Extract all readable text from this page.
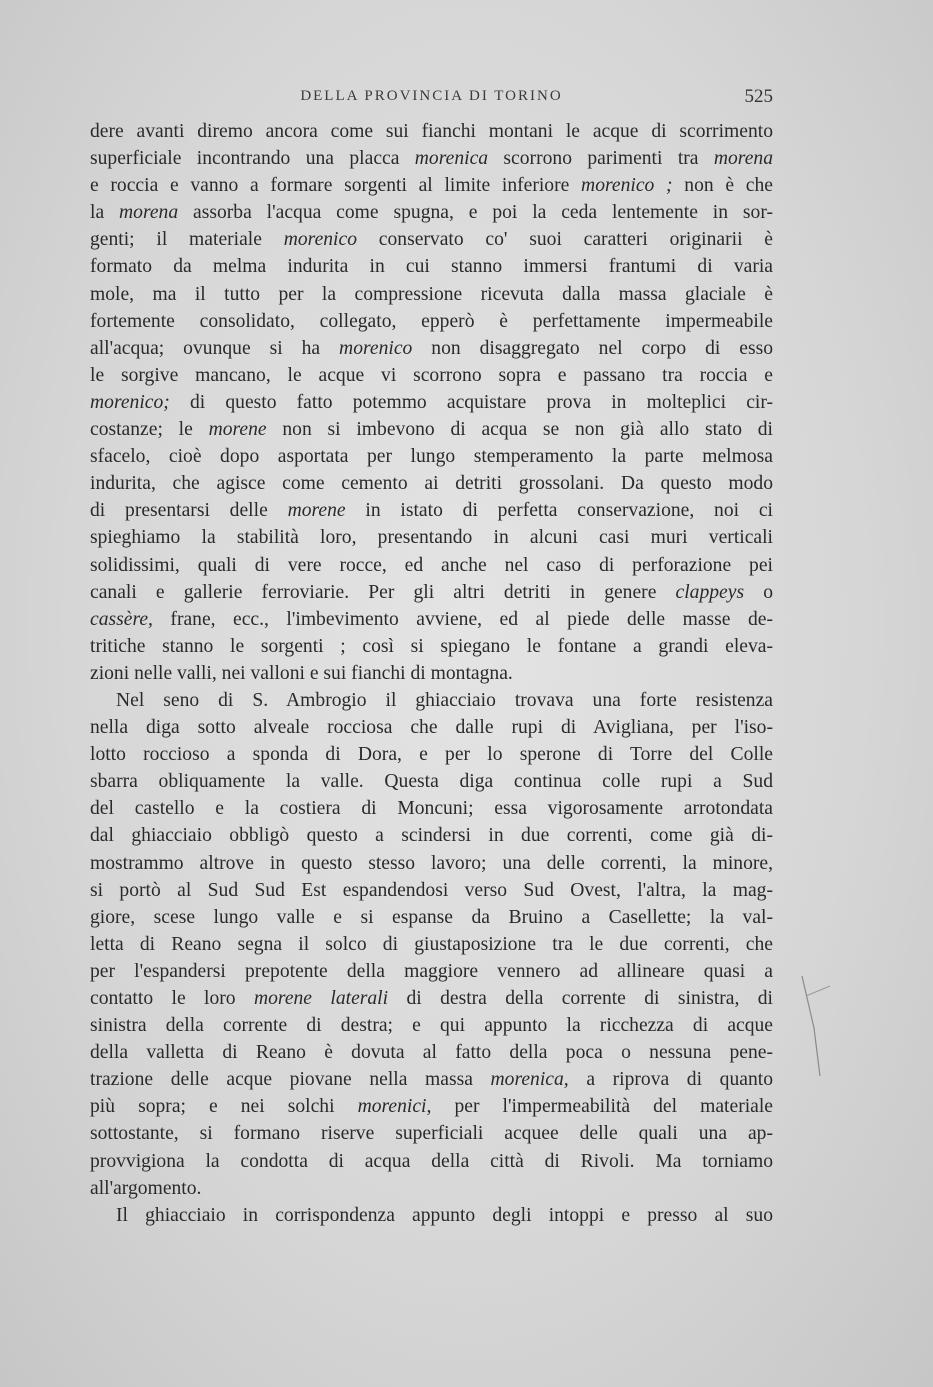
DELLA PROVINCIA DI TORINO	525
dere avanti diremo ancora come sui fianchi montani le acque di scorrimento
superficiale incontrando una placca morenica scorrono parimenti tra morena
e roccia e vanno a formare sorgenti al limite inferiore morenico ; non è che
la morena assorba l'acqua come spugna, e poi la ceda lentemente in sor-
genti; il materiale morenico conservato co' suoi caratteri originarii è
formato da melma indurita in cui stanno immersi frantumi di varia
mole, ma il tutto per la compressione ricevuta dalla massa glaciale è
fortemente consolidato, collegato, epperò è perfettamente impermeabile
all'acqua; ovunque si ha morenico non disaggregato nel corpo di esso
le sorgive mancano, le acque vi scorrono sopra e passano tra roccia e
morenico; di questo fatto potemmo acquistare prova in molteplici cir-
costanze; le morene non si imbevono di acqua se non già allo stato di
sfacelo, cioè dopo asportata per lungo stemperamento la parte melmosa
indurita, che agisce come cemento ai detriti grossolani. Da questo modo
di presentarsi delle morene in istato di perfetta conservazione, noi ci
spieghiamo la stabilità loro, presentando in alcuni casi muri verticali
solidissimi, quali di vere rocce, ed anche nel caso di perforazione pei
canali e gallerie ferroviarie. Per gli altri detriti in genere clappeys o
cassère, frane, ecc., l'imbevimento avviene, ed al piede delle masse de-
tritiche stanno le sorgenti ; così si spiegano le fontane a grandi eleva-
zioni nelle valli, nei valloni e sui fianchi di montagna.
Nel seno di S. Ambrogio il ghiacciaio trovava una forte resistenza
nella diga sotto alveale rocciosa che dalle rupi di Avigliana, per l'iso-
lotto roccioso a sponda di Dora, e per lo sperone di Torre del Colle
sbarra obliquamente la valle. Questa diga continua colle rupi a Sud
del castello e la costiera di Moncuni; essa vigorosamente arrotondata
dal ghiacciaio obbligò questo a scindersi in due correnti, come già di-
mostrammo altrove in questo stesso lavoro; una delle correnti, la minore,
si portò al Sud Sud Est espandendosi verso Sud Ovest, l'altra, la mag-
giore, scese lungo valle e si espanse da Bruino a Casellette; la val-
letta di Reano segna il solco di giustaposizione tra le due correnti, che
per l'espandersi prepotente della maggiore vennero ad allineare quasi a
contatto le loro morene laterali di destra della corrente di sinistra, di
sinistra della corrente di destra; e qui appunto la ricchezza di acque
della valletta di Reano è dovuta al fatto della poca o nessuna pene-
trazione delle acque piovane nella massa morenica, a riprova di quanto
più sopra; e nei solchi morenici, per l'impermeabilità del materiale
sottostante, si formano riserve superficiali acquee delle quali una ap-
provvigiona la condotta di acqua della città di Rivoli. Ma torniamo
all'argomento.
Il ghiacciaio in corrispondenza appunto degli intoppi e presso al suo
